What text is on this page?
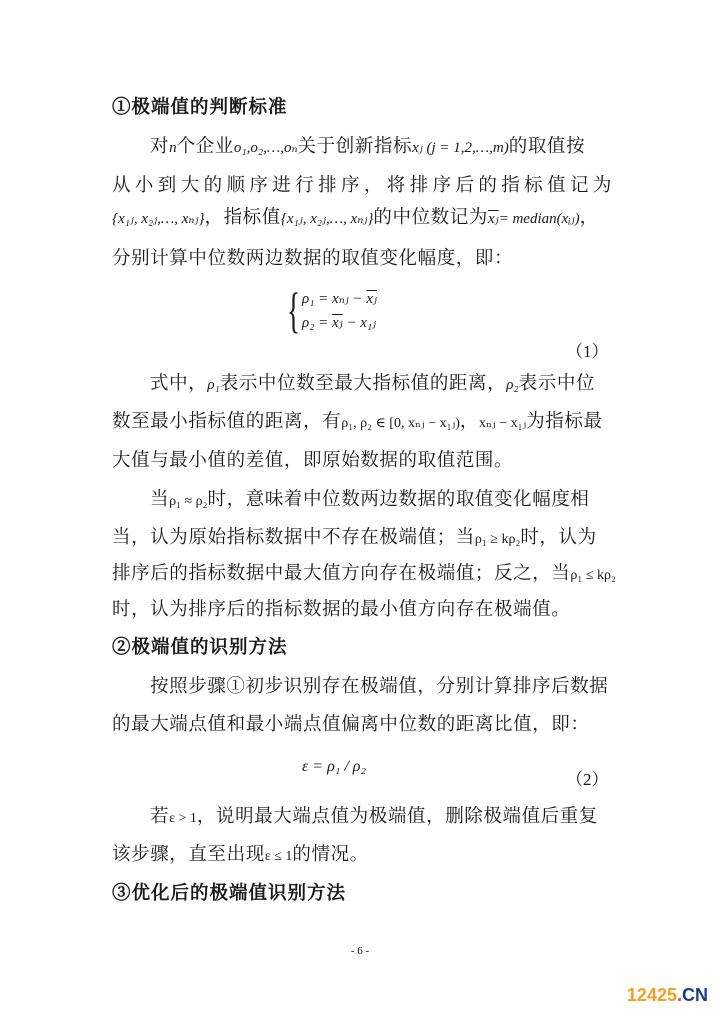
①极端值的判断标准
对n个企业o₁,o₂,…,oₙ关于创新指标xⱼ (j = 1,2,…,m)的取值按
从小到大的顺序进行排序，将排序后的指标值记为
{x₁ⱼ, x₂ⱼ,…, xₙⱼ}，指标值{x₁ⱼ, x₂ⱼ,…, xₙⱼ}的中位数记为$\overline{xⱼ}=$ median(xᵢⱼ)，
分别计算中位数两边数据的取值变化幅度，即：
{ ρ₁ = xₙⱼ − $\overline{xⱼ}$
$\rho_2 = \overline{xⱼ}$ − x₁ⱼ
（1）
式中，ρ₁表示中位数至最大指标值的距离，ρ₂表示中位
数至最小指标值的距离，有ρ₁, ρ₂ ∈ [0, xₙⱼ − x₁ⱼ)，xₙⱼ − x₁ⱼ为指标最
大值与最小值的差值，即原始数据的取值范围。
当ρ₁ ≈ ρ₂时，意味着中位数两边数据的取值变化幅度相
当，认为原始指标数据中不存在极端值；当ρ₁ ≥ kρ₂时，认为
排序后的指标数据中最大值方向存在极端值；反之，当ρ₁ ≤ kρ₂
时，认为排序后的指标数据的最小值方向存在极端值。
②极端值的识别方法
按照步骤①初步识别存在极端值，分别计算排序后数据
的最大端点值和最小端点值偏离中位数的距离比值，即：
ε = ρ₁ / ρ₂
（2）
若ε > 1，说明最大端点值为极端值，删除极端值后重复
该步骤，直至出现ε ≤ 1的情况。
③优化后的极端值识别方法
- 6 -
12425.CN
